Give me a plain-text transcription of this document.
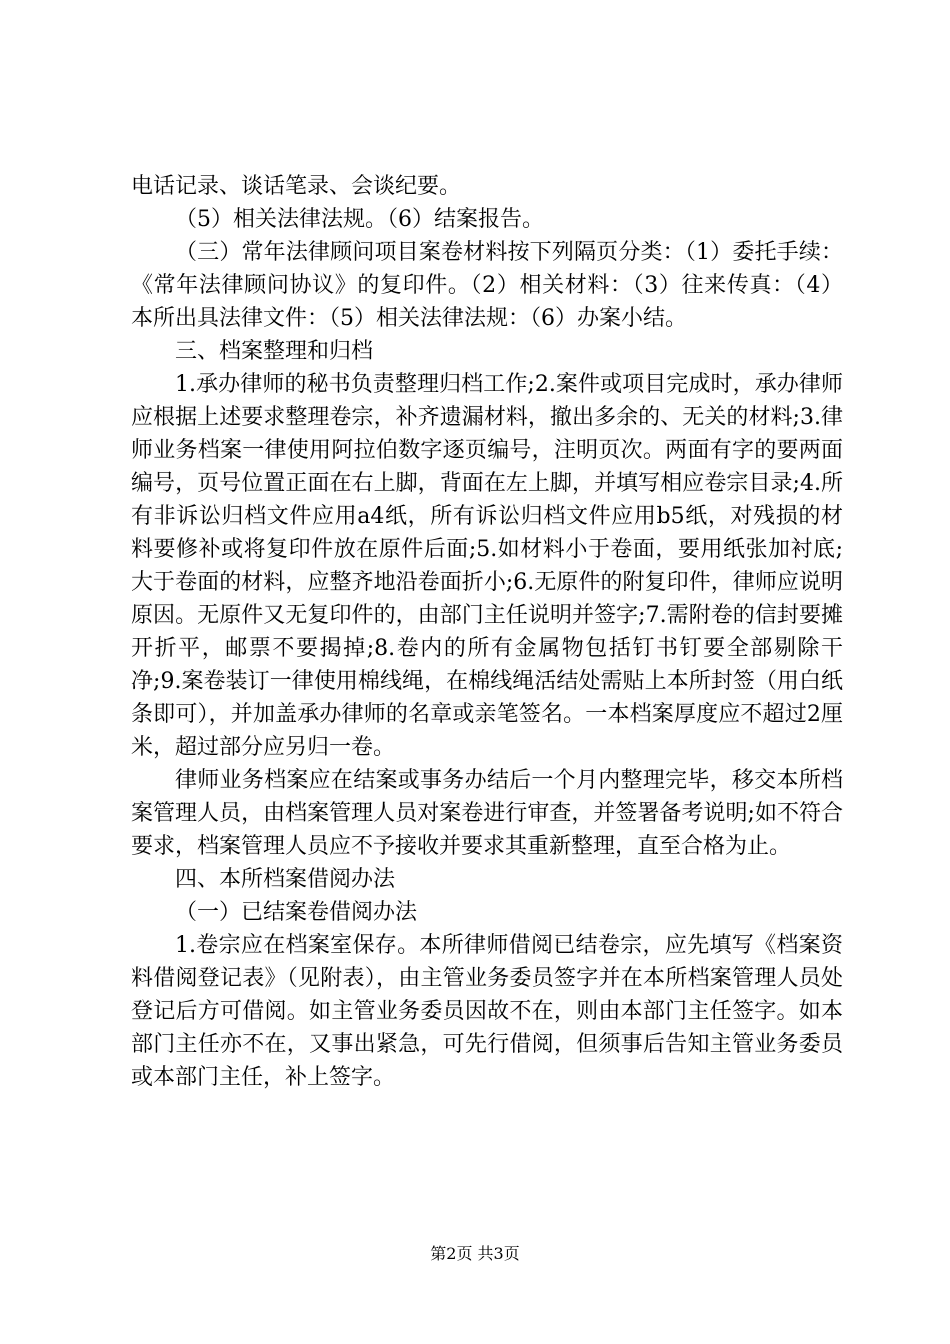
电话记录、谈话笔录、会谈纪要。

（5）相关法律法规。（6）结案报告。

（三）常年法律顾问项目案卷材料按下列隔页分类：（1）委托手续：《常年法律顾问协议》的复印件。（2）相关材料：（3）往来传真：（4）本所出具法律文件：（5）相关法律法规：（6）办案小结。

三、档案整理和归档

1.承办律师的秘书负责整理归档工作;2.案件或项目完成时，承办律师应根据上述要求整理卷宗，补齐遗漏材料，撤出多余的、无关的材料;3.律师业务档案一律使用阿拉伯数字逐页编号，注明页次。两面有字的要两面编号，页号位置正面在右上脚，背面在左上脚，并填写相应卷宗目录;4.所有非诉讼归档文件应用a4纸，所有诉讼归档文件应用b5纸，对残损的材料要修补或将复印件放在原件后面;5.如材料小于卷面，要用纸张加衬底;大于卷面的材料，应整齐地沿卷面折小;6.无原件的附复印件，律师应说明原因。无原件又无复印件的，由部门主任说明并签字;7.需附卷的信封要摊开折平，邮票不要揭掉;8.卷内的所有金属物包括钉书钉要全部剔除干净;9.案卷装订一律使用棉线绳，在棉线绳活结处需贴上本所封签（用白纸条即可），并加盖承办律师的名章或亲笔签名。一本档案厚度应不超过2厘米，超过部分应另归一卷。

律师业务档案应在结案或事务办结后一个月内整理完毕，移交本所档案管理人员，由档案管理人员对案卷进行审查，并签署备考说明;如不符合要求，档案管理人员应不予接收并要求其重新整理，直至合格为止。

四、本所档案借阅办法

（一）已结案卷借阅办法

1.卷宗应在档案室保存。本所律师借阅已结卷宗，应先填写《档案资料借阅登记表》（见附表），由主管业务委员签字并在本所档案管理人员处登记后方可借阅。如主管业务委员因故不在，则由本部门主任签字。如本部门主任亦不在，又事出紧急，可先行借阅，但须事后告知主管业务委员或本部门主任，补上签字。

第2页 共3页
